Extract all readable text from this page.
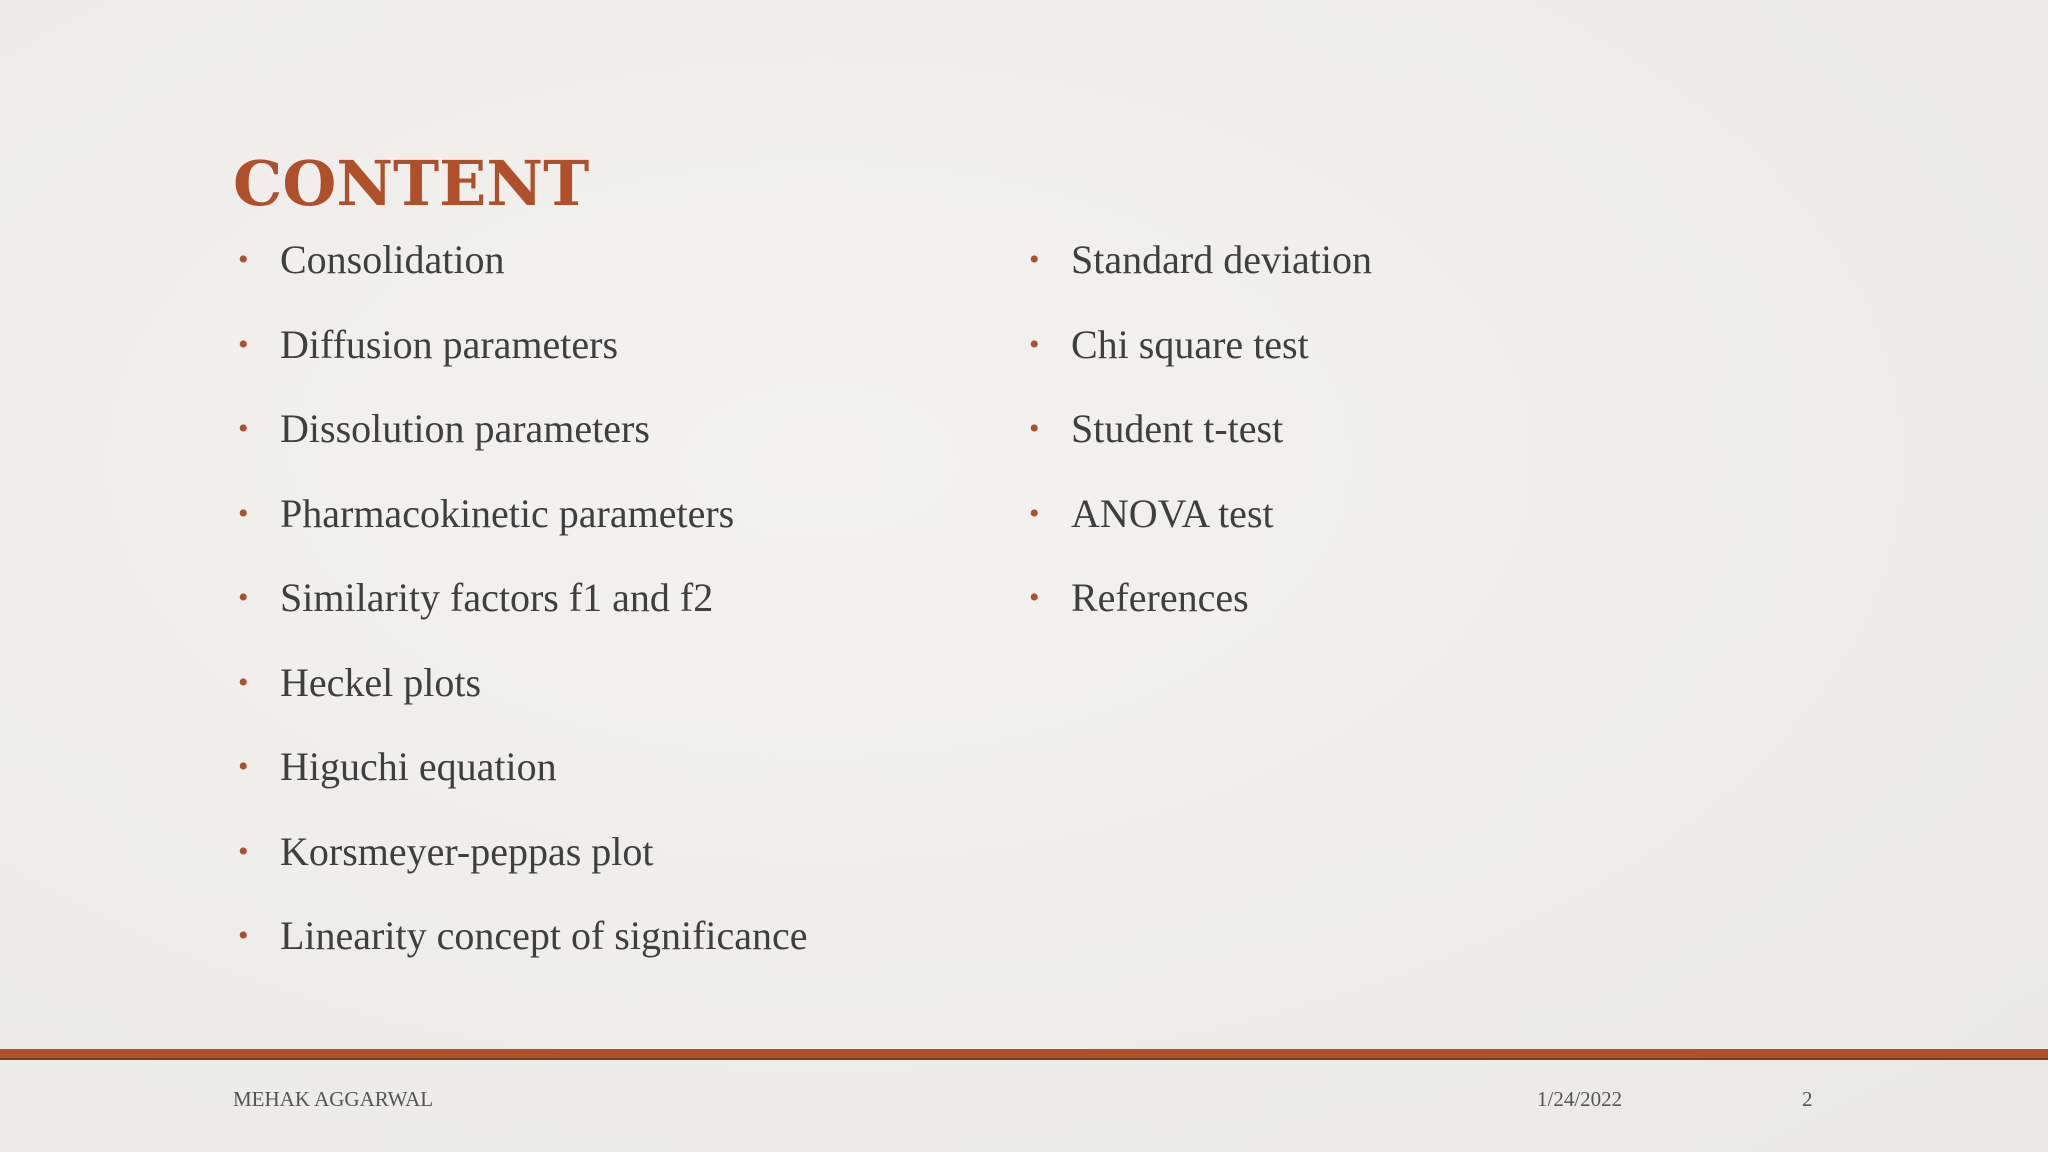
CONTENT
• Consolidation
• Diffusion parameters
• Dissolution parameters
• Pharmacokinetic parameters
• Similarity factors f1 and f2
• Heckel plots
• Higuchi equation
• Korsmeyer-peppas plot
• Linearity concept of significance
• Standard deviation
• Chi square test
• Student t-test
• ANOVA test
• References
MEHAK AGGARWAL	1/24/2022	2
